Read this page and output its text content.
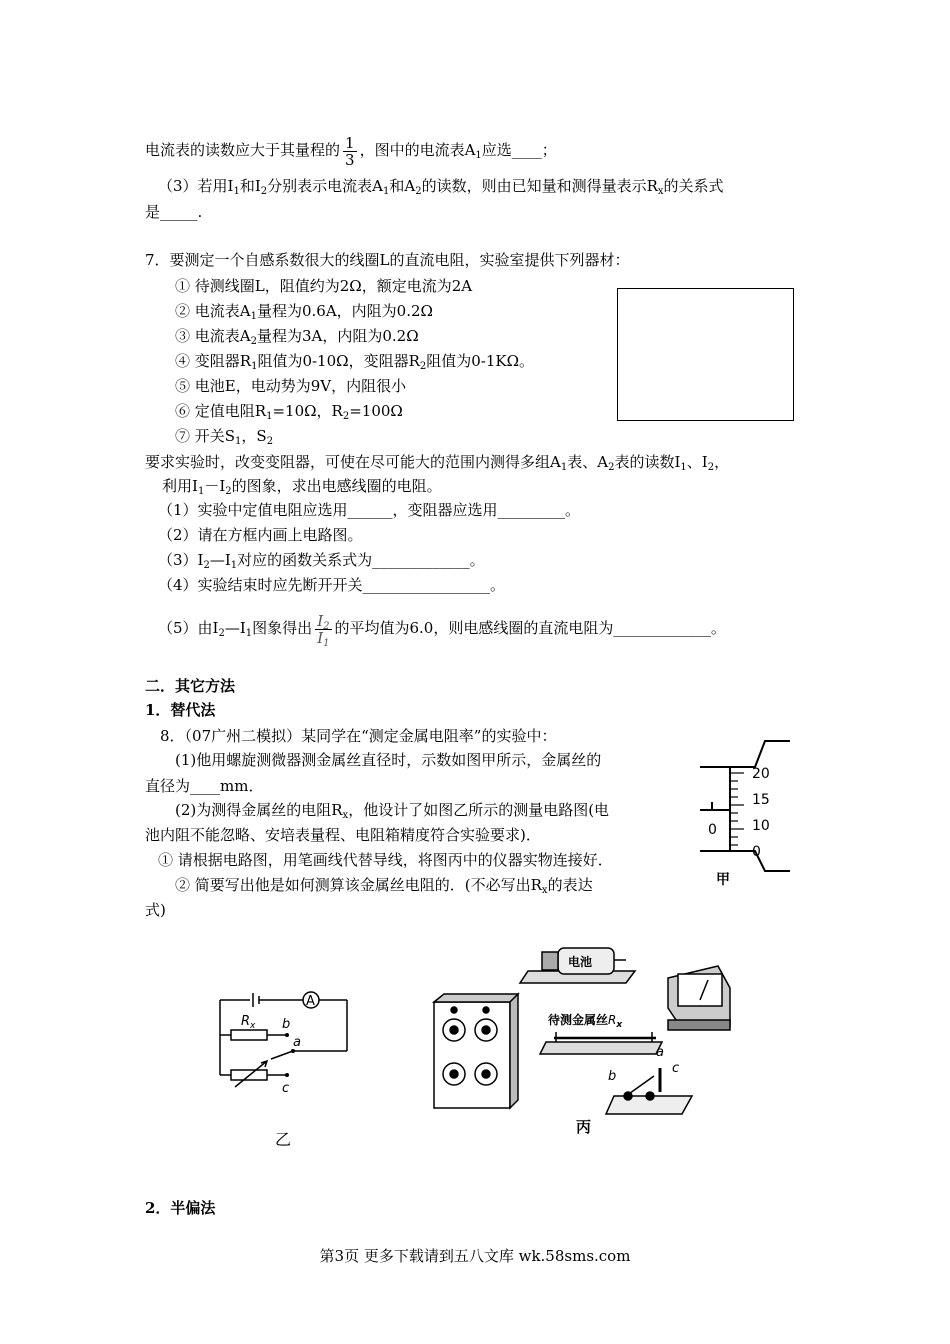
电流表的读数应大于其量程的 $\frac{1}{3}$ ，图中的电流表$A_1$应选____；
（3）若用$I_1$和$I_2$分别表示电流表$A_1$和$A_2$的读数，则由已知量和测得量表示$R_x$的关系式
是_____.
7．要测定一个自感系数很大的线圈L的直流电阻，实验室提供下列器材：
① 待测线圈L，阻值约为2Ω，额定电流为2A
② 电流表$A_1$量程为0.6A，内阻为0.2Ω
③ 电流表$A_2$量程为3A，内阻为0.2Ω
④ 变阻器$R_1$阻值为0-10Ω，变阻器$R_2$阻值为0-1KΩ。
⑤ 电池E，电动势为9V，内阻很小
⑥ 定值电阻$R_1=10\Omega$，$R_2=100\Omega$
⑦ 开关$S_1$，$S_2$
要求实验时，改变变阻器，可使在尽可能大的范围内测得多组$A_1$表、$A_2$表的读数$I_1$、$I_2$，
利用$I_1-I_2$的图象，求出电感线圈的电阻。
（1）实验中定值电阻应选用______，变阻器应选用_________。
（2）请在方框内画上电路图。
$(3)I_2—I_1$对应的函数关系式为_____________。
（4）实验结束时应先断开开关_________________。
（5）由$I_2—I_1$图象得出 $\frac{I_2}{I_1}$ 的平均值为6.0，则电感线圈的直流电阻为_____________。
二．其它方法
1．替代法
8．（07广州二模拟）某同学在“测定金属电阻率”的实验中：
(1)他用螺旋测微器测金属丝直径时，示数如图甲所示，金属丝的
直径为____mm．
(2)为测得金属丝的电阻$R_x$，他设计了如图乙所示的测量电路图(电
池内阻不能忽略、安培表量程、电阻箱精度符合实验要求)．
① 请根据电路图，用笔画线代替导线，将图丙中的仪器实物连接好．
② 简要写出他是如何测算该金属丝电阻的．(不必写出$R_x$的表达
式)
20
15
10
0
0
甲
A
$R_x$ b
a
c
乙
电池
待测金属丝$R_x$
a
b
c
丙
2．半偏法
第3页 更多下载请到五八文库 wk.58sms.com
